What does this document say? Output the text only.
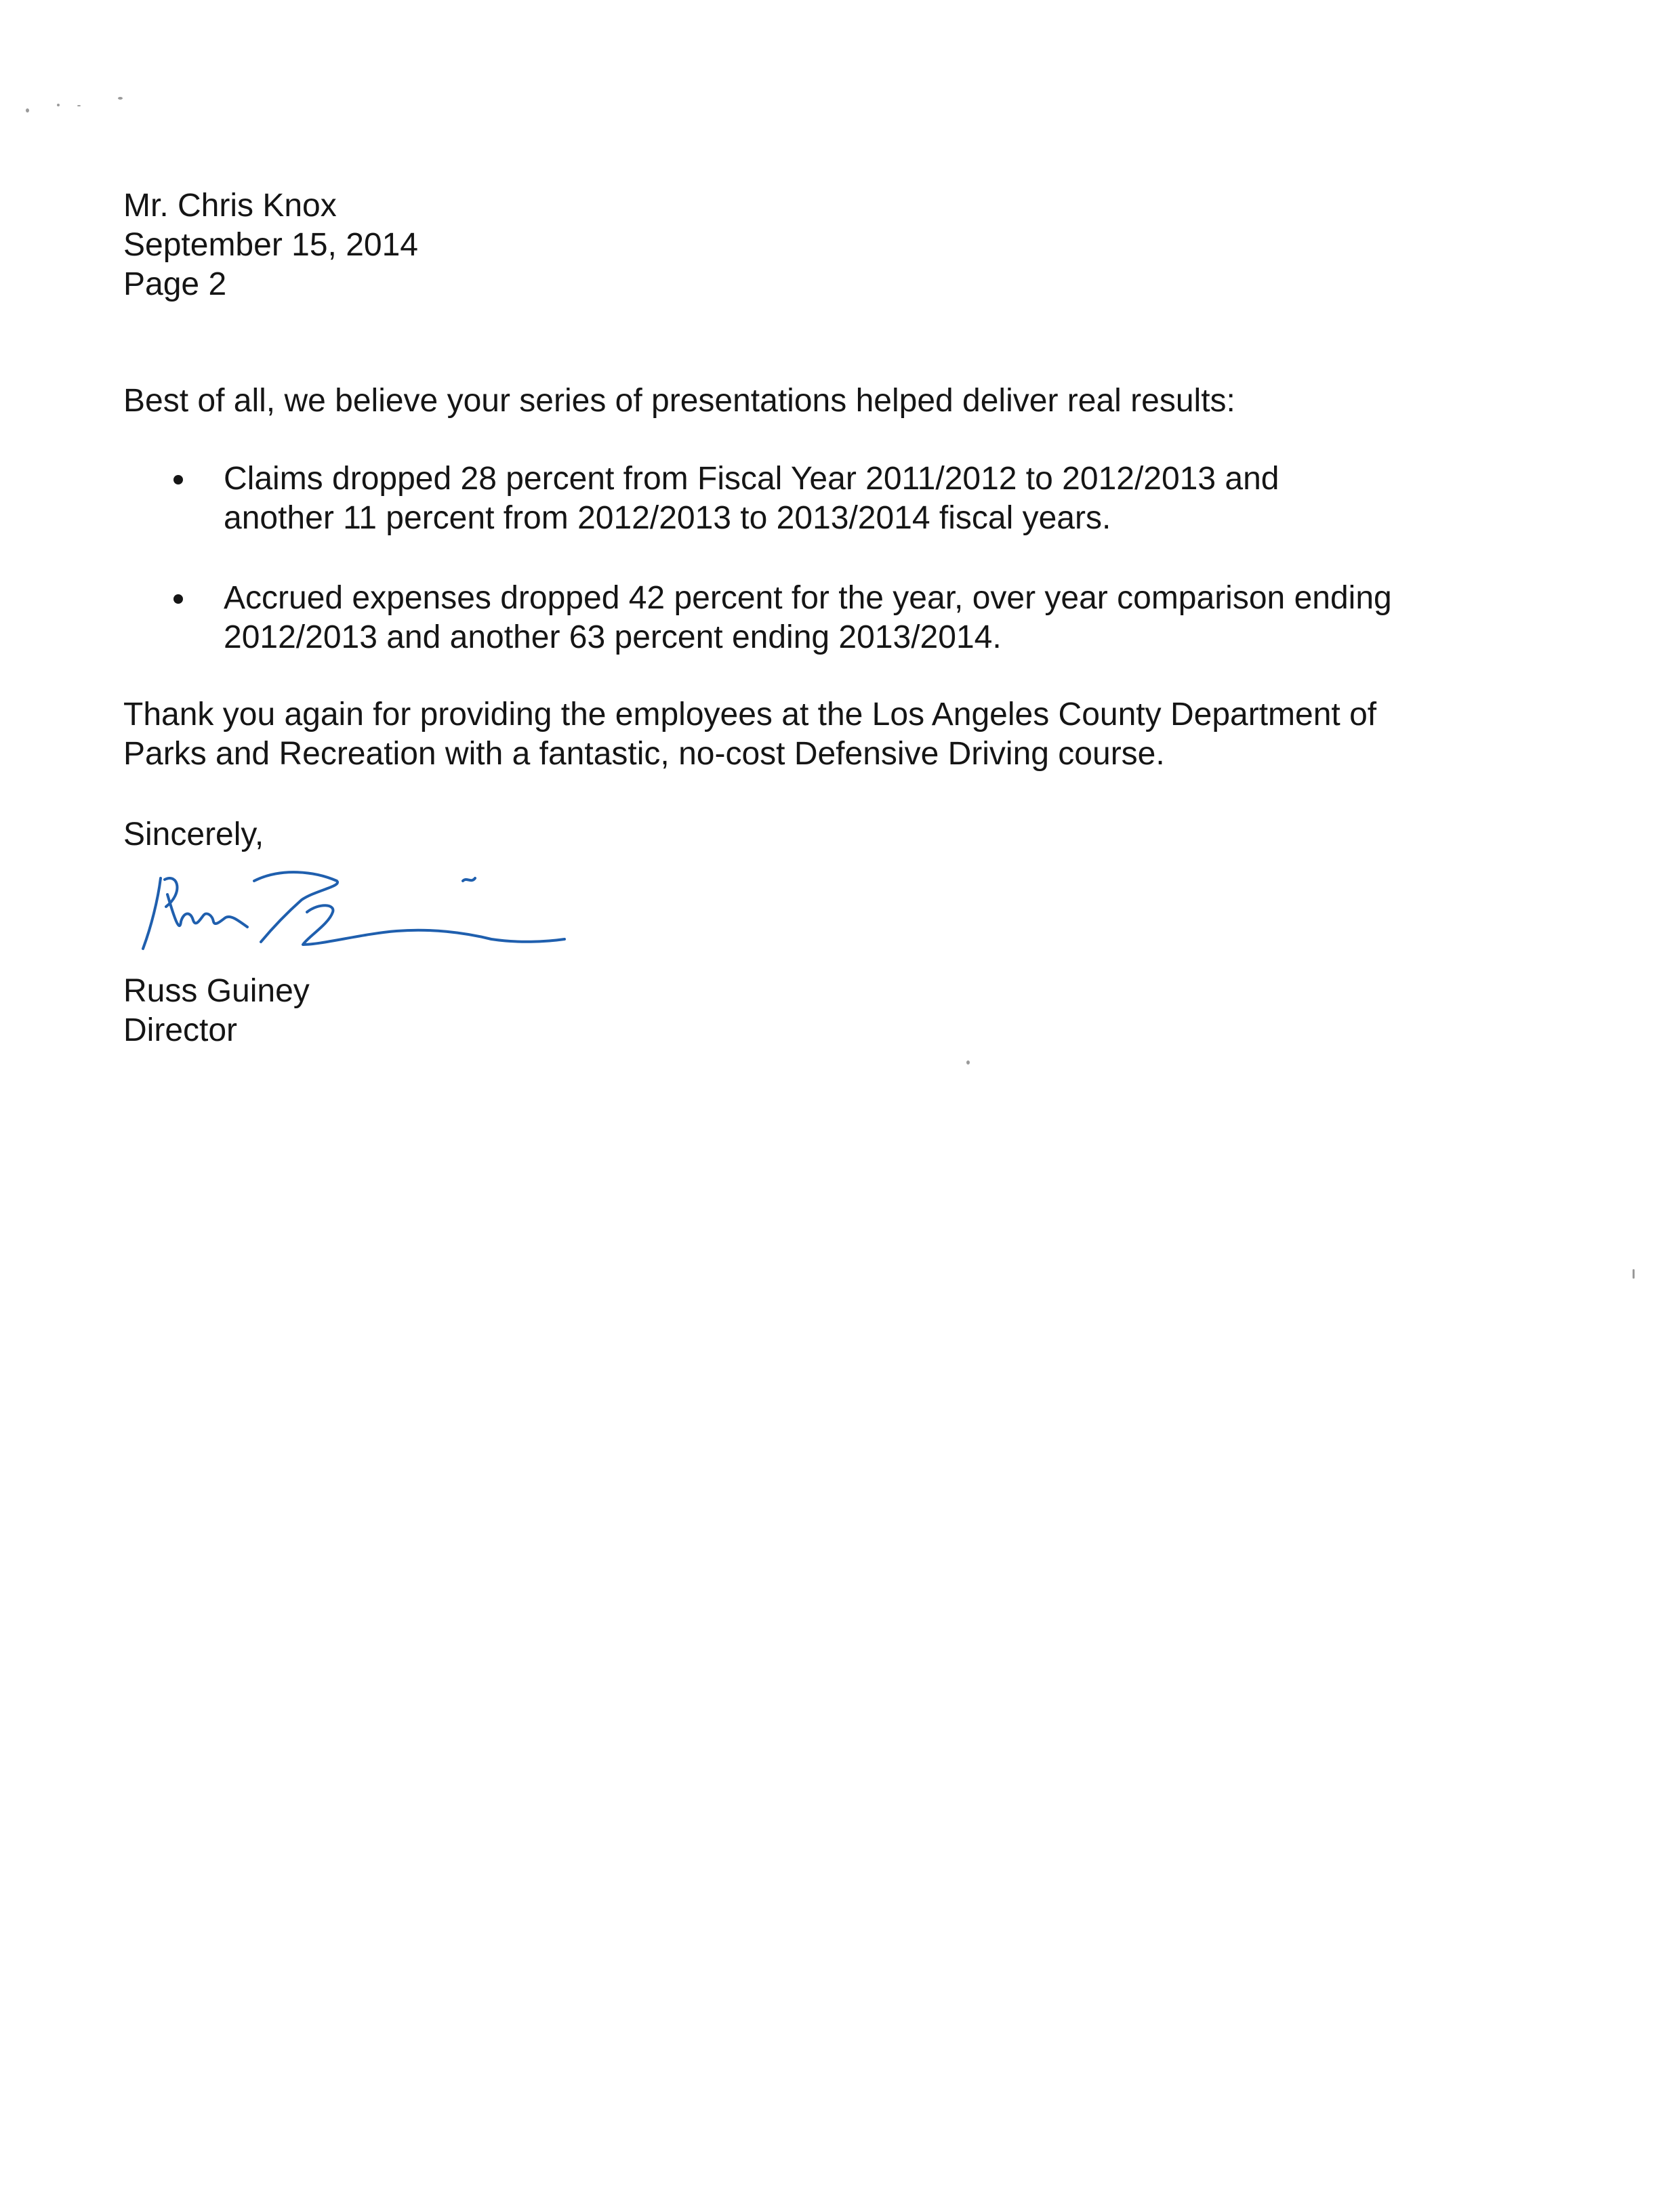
Mr. Chris Knox
September 15, 2014
Page 2
Best of all, we believe your series of presentations helped deliver real results:
Claims dropped 28 percent from Fiscal Year 2011/2012 to 2012/2013 and
another 11 percent from 2012/2013 to 2013/2014 fiscal years.
Accrued expenses dropped 42 percent for the year, over year comparison ending
2012/2013 and another 63 percent ending 2013/2014.
Thank you again for providing the employees at the Los Angeles County Department of
Parks and Recreation with a fantastic, no-cost Defensive Driving course.
Sincerely,
Russ Guiney
Director
